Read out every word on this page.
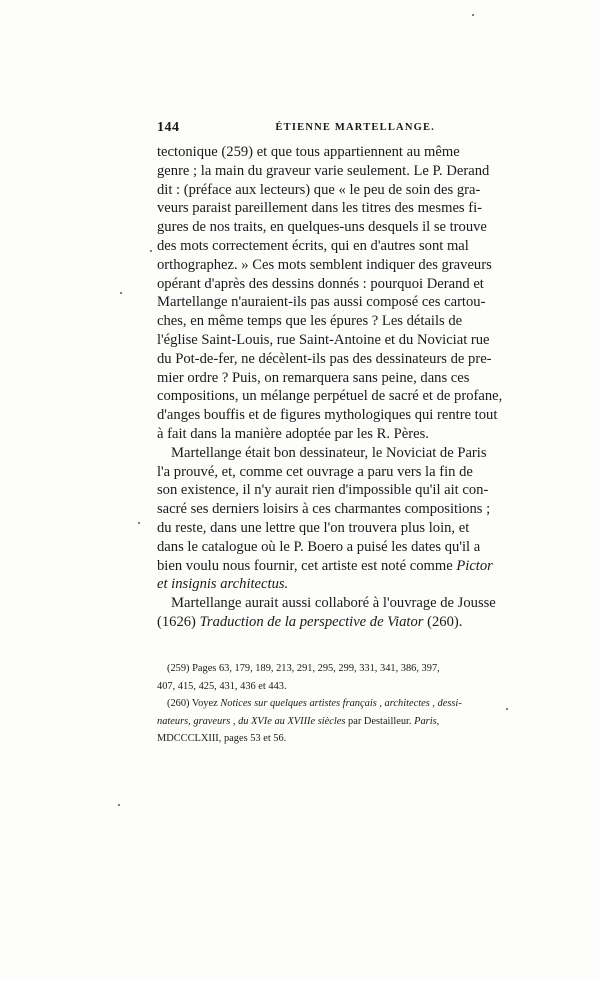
144	ÉTIENNE MARTELLANGE.
tectonique (259) et que tous appartiennent au même
genre ; la main du graveur varie seulement. Le P. Derand
dit : (préface aux lecteurs) que « le peu de soin des gra-
veurs paraist pareillement dans les titres des mesmes fi-
gures de nos traits, en quelques-uns desquels il se trouve
des mots correctement écrits, qui en d'autres sont mal
orthographez. » Ces mots semblent indiquer des graveurs
opérant d'après des dessins donnés : pourquoi Derand et
Martellange n'auraient-ils pas aussi composé ces cartou-
ches, en même temps que les épures ? Les détails de
l'église Saint-Louis, rue Saint-Antoine et du Noviciat rue
du Pot-de-fer, ne décèlent-ils pas des dessinateurs de pre-
mier ordre ? Puis, on remarquera sans peine, dans ces
compositions, un mélange perpétuel de sacré et de profane,
d'anges bouffis et de figures mythologiques qui rentre tout
à fait dans la manière adoptée par les R. Pères.
Martellange était bon dessinateur, le Noviciat de Paris
l'a prouvé, et, comme cet ouvrage a paru vers la fin de
son existence, il n'y aurait rien d'impossible qu'il ait con-
sacré ses derniers loisirs à ces charmantes compositions ;
du reste, dans une lettre que l'on trouvera plus loin, et
dans le catalogue où le P. Boero a puisé les dates qu'il a
bien voulu nous fournir, cet artiste est noté comme Pictor
et insignis architectus.
Martellange aurait aussi collaboré à l'ouvrage de Jousse
(1626) Traduction de la perspective de Viator (260).
(259) Pages 63, 179, 189, 213, 291, 295, 299, 331, 341, 386, 397,
407, 415, 425, 431, 436 et 443.
(260) Voyez Notices sur quelques artistes français , architectes , dessi-
nateurs, graveurs , du XVIe au XVIIIe siècles par Destailleur. Paris,
MDCCCLXIII, pages 53 et 56.
